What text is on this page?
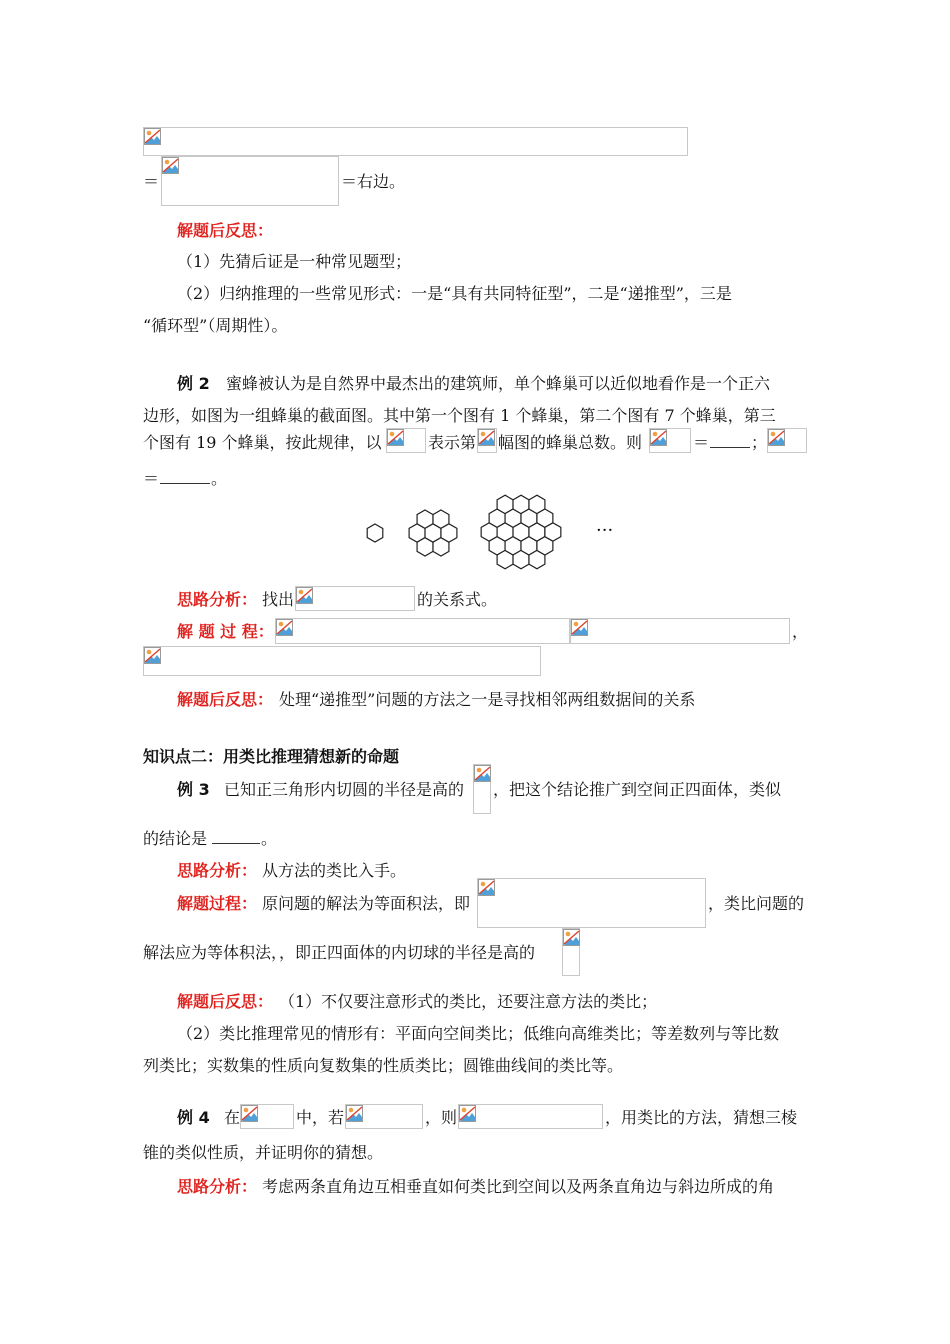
＝	＝右边。
解题后反思：
（1）先猜后证是一种常见题型；
（2）归纳推理的一些常见形式：一是“具有共同特征型”，二是“递推型”，三是
“循环型”（周期性）。
例 2 蜜蜂被认为是自然界中最杰出的建筑师，单个蜂巢可以近似地看作是一个正六
边形，如图为一组蜂巢的截面图。其中第一个图有 1 个蜂巢，第二个图有 7 个蜂巢，第三
个图有 19 个蜂巢，按此规律，以	表示第 幅图的蜂巢总数。则	＝	；
＝	。
···
思路分析： 找出	的关系式。
解 题 过 程：	，
解题后反思： 处理“递推型”问题的方法之一是寻找相邻两组数据间的关系
知识点二：用类比推理猜想新的命题
例 3 已知正三角形内切圆的半径是高的 ，把这个结论推广到空间正四面体，类似
的结论是	。
思路分析： 从方法的类比入手。
解题过程： 原问题的解法为等面积法，即	，类比问题的
解法应为等体积法，，即正四面体的内切球的半径是高的
解题后反思： （1）不仅要注意形式的类比，还要注意方法的类比；
（2）类比推理常见的情形有：平面向空间类比；低维向高维类比；等差数列与等比数
列类比；实数集的性质向复数集的性质类比；圆锥曲线间的类比等。
例 4 在	中，若	，则	，用类比的方法，猜想三棱
锥的类似性质，并证明你的猜想。
思路分析： 考虑两条直角边互相垂直如何类比到空间以及两条直角边与斜边所成的角
